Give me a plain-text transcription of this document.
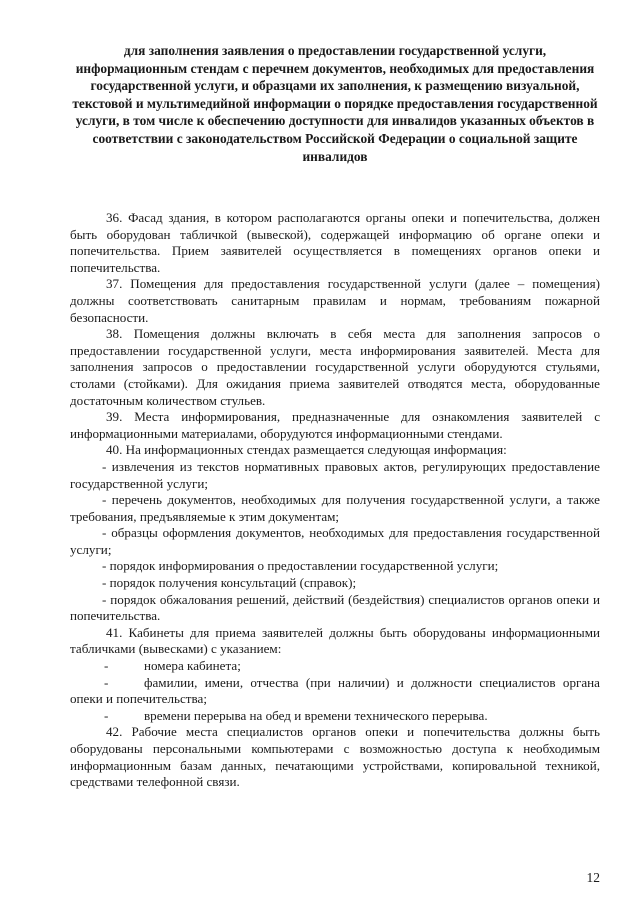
для заполнения заявления о предоставлении государственной услуги, информационным стендам с перечнем документов, необходимых для предоставления государственной услуги, и образцами их заполнения, к размещению визуальной, текстовой и мультимедийной информации о порядке предоставления государственной услуги, в том числе к обеспечению доступности для инвалидов указанных объектов в соответствии с законодательством Российской Федерации о социальной защите инвалидов

36. Фасад здания, в котором располагаются органы опеки и попечительства, должен быть оборудован табличкой (вывеской), содержащей информацию об органе опеки и попечительства. Прием заявителей осуществляется в помещениях органов опеки и попечительства.

37. Помещения для предоставления государственной услуги (далее – помещения) должны соответствовать санитарным правилам и нормам, требованиям пожарной безопасности.

38. Помещения должны включать в себя места для заполнения запросов о предоставлении государственной услуги, места информирования заявителей. Места для заполнения запросов о предоставлении государственной услуги оборудуются стульями, столами (стойками). Для ожидания приема заявителей отводятся места, оборудованные достаточным количеством стульев.

39. Места информирования, предназначенные для ознакомления заявителей с информационными материалами, оборудуются информационными стендами.

40. На информационных стендах размещается следующая информация:

- извлечения из текстов нормативных правовых актов, регулирующих предоставление государственной услуги;

- перечень документов, необходимых для получения государственной услуги, а также требования, предъявляемые к этим документам;

- образцы оформления документов, необходимых для предоставления государственной услуги;

- порядок информирования о предоставлении государственной услуги;

- порядок получения консультаций (справок);

- порядок обжалования решений, действий (бездействия) специалистов органов опеки и попечительства.

41. Кабинеты для приема заявителей должны быть оборудованы информационными табличками (вывесками) с указанием:

-	номера кабинета;

-	фамилии, имени, отчества (при наличии) и должности специалистов органа опеки и попечительства;

-	времени перерыва на обед и времени технического перерыва.

42. Рабочие места специалистов органов опеки и попечительства должны быть оборудованы персональными компьютерами с возможностью доступа к необходимым информационным базам данных, печатающими устройствами, копировальной техникой, средствами телефонной связи.

12
